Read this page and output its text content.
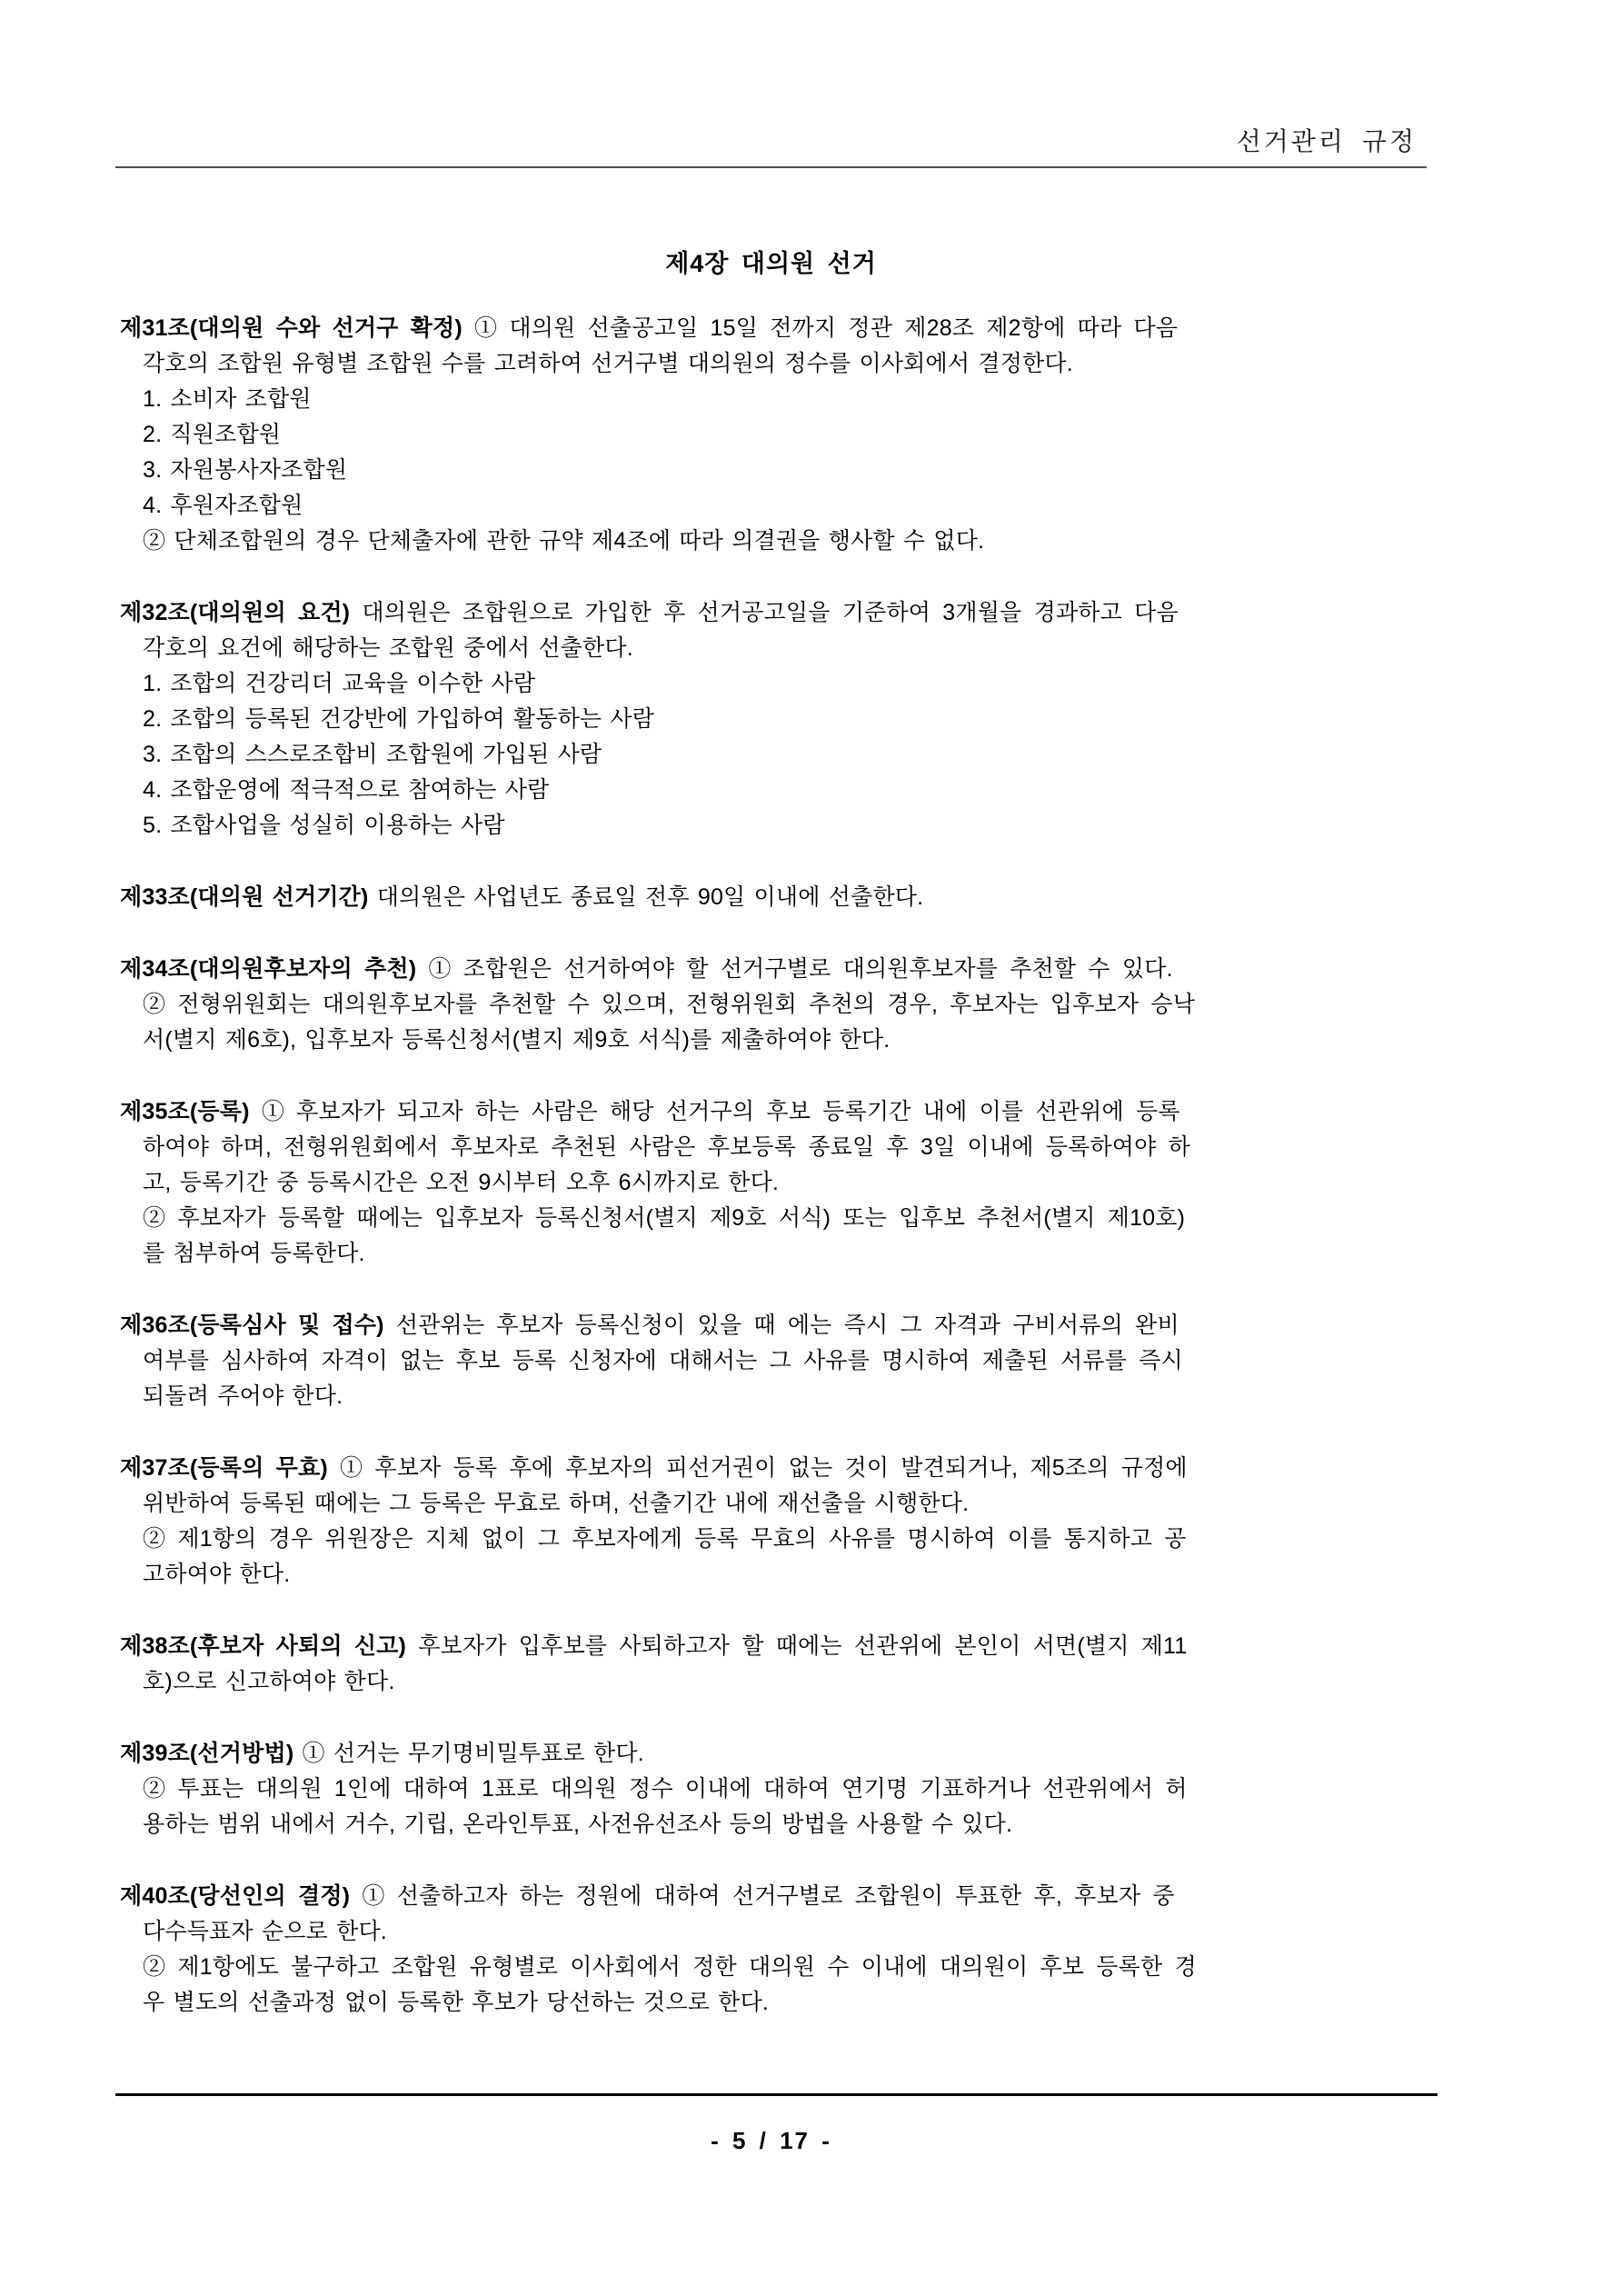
선거관리 규정
제4장 대의원 선거
제31조(대의원 수와 선거구 확정) ① 대의원 선출공고일 15일 전까지 정관 제28조 제2항에 따라 다음
각호의 조합원 유형별 조합원 수를 고려하여 선거구별 대의원의 정수를 이사회에서 결정한다.
1. 소비자 조합원
2. 직원조합원
3. 자원봉사자조합원
4. 후원자조합원
② 단체조합원의 경우 단체출자에 관한 규약 제4조에 따라 의결권을 행사할 수 없다.
제32조(대의원의 요건) 대의원은 조합원으로 가입한 후 선거공고일을 기준하여 3개월을 경과하고 다음
각호의 요건에 해당하는 조합원 중에서 선출한다.
1. 조합의 건강리더 교육을 이수한 사람
2. 조합의 등록된 건강반에 가입하여 활동하는 사람
3. 조합의 스스로조합비 조합원에 가입된 사람
4. 조합운영에 적극적으로 참여하는 사람
5. 조합사업을 성실히 이용하는 사람
제33조(대의원 선거기간) 대의원은 사업년도 종료일 전후 90일 이내에 선출한다.
제34조(대의원후보자의 추천) ① 조합원은 선거하여야 할 선거구별로 대의원후보자를 추천할 수 있다.
② 전형위원회는 대의원후보자를 추천할 수 있으며, 전형위원회 추천의 경우, 후보자는 입후보자 승낙
서(별지 제6호), 입후보자 등록신청서(별지 제9호 서식)를 제출하여야 한다.
제35조(등록) ① 후보자가 되고자 하는 사람은 해당 선거구의 후보 등록기간 내에 이를 선관위에 등록
하여야 하며, 전형위원회에서 후보자로 추천된 사람은 후보등록 종료일 후 3일 이내에 등록하여야 하
고, 등록기간 중 등록시간은 오전 9시부터 오후 6시까지로 한다.
② 후보자가 등록할 때에는 입후보자 등록신청서(별지 제9호 서식) 또는 입후보 추천서(별지 제10호)
를 첨부하여 등록한다.
제36조(등록심사 및 접수) 선관위는 후보자 등록신청이 있을 때 에는 즉시 그 자격과 구비서류의 완비
여부를 심사하여 자격이 없는 후보 등록 신청자에 대해서는 그 사유를 명시하여 제출된 서류를 즉시
되돌려 주어야 한다.
제37조(등록의 무효) ① 후보자 등록 후에 후보자의 피선거권이 없는 것이 발견되거나, 제5조의 규정에
위반하여 등록된 때에는 그 등록은 무효로 하며, 선출기간 내에 재선출을 시행한다.
② 제1항의 경우 위원장은 지체 없이 그 후보자에게 등록 무효의 사유를 명시하여 이를 통지하고 공
고하여야 한다.
제38조(후보자 사퇴의 신고) 후보자가 입후보를 사퇴하고자 할 때에는 선관위에 본인이 서면(별지 제11
호)으로 신고하여야 한다.
제39조(선거방법) ① 선거는 무기명비밀투표로 한다.
② 투표는 대의원 1인에 대하여 1표로 대의원 정수 이내에 대하여 연기명 기표하거나 선관위에서 허
용하는 범위 내에서 거수, 기립, 온라인투표, 사전유선조사 등의 방법을 사용할 수 있다.
제40조(당선인의 결정) ① 선출하고자 하는 정원에 대하여 선거구별로 조합원이 투표한 후, 후보자 중
다수득표자 순으로 한다.
② 제1항에도 불구하고 조합원 유형별로 이사회에서 정한 대의원 수 이내에 대의원이 후보 등록한 경
우 별도의 선출과정 없이 등록한 후보가 당선하는 것으로 한다.
- 5 / 17 -
